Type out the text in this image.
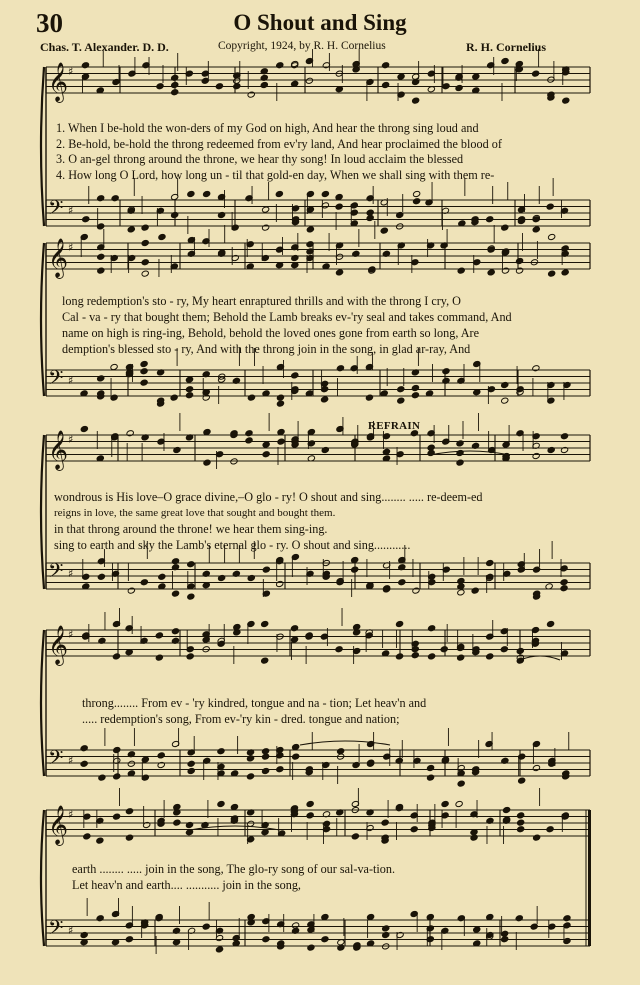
𝄞 ♯
𝄢 ♯
𝄞 ♯
𝄢 ♯
𝄞 ♯
𝄢 ♯
𝄞 ♯
𝄢 ♯
𝄞 ♯
𝄢 ♯
30	O Shout and Sing
Chas. T. Alexander. D. D.	Copyright, 1924, by R. H. Cornelius	R. H. Cornelius
REFRAIN
1. When I be-hold the won-ders of my God on high, And hear the throng sing loud and
2. Be-hold, be-hold the throng redeemed from ev'ry land, And hear proclaimed the blood of
3. O an-gel throng around the throne, we hear thy song! In loud acclaim the blessed
4. How long O Lord, how long un - til that gold-en day, When we shall sing with them re-
long redemption's sto - ry, My heart enraptured thrills and with the throng I cry, O
Cal - va - ry that bought them; Behold the Lamb breaks ev-'ry seal and takes command, And
name on high is ring-ing, Behold, behold the loved ones gone from earth so long, Are
demption's blessed sto - ry, And with the throng join in the song, in glad ar-ray, And
wondrous is His love–O grace divine,–O glo - ry! O shout and sing........ ..... re-deem-ed
reigns in love, the same great love that sought and bought them.
in that throng around the throne! we hear them sing-ing.
sing to earth and sky the Lamb's eternal glo - ry. O shout and sing............
throng........ From ev - 'ry kindred, tongue and na - tion; Let heav'n and
..... redemption's song, From ev-'ry kin - dred. tongue and nation;
earth ........ ..... join in the song, The glo-ry song of our sal-va-tion.
Let heav'n and earth.... ........... join in the song,
